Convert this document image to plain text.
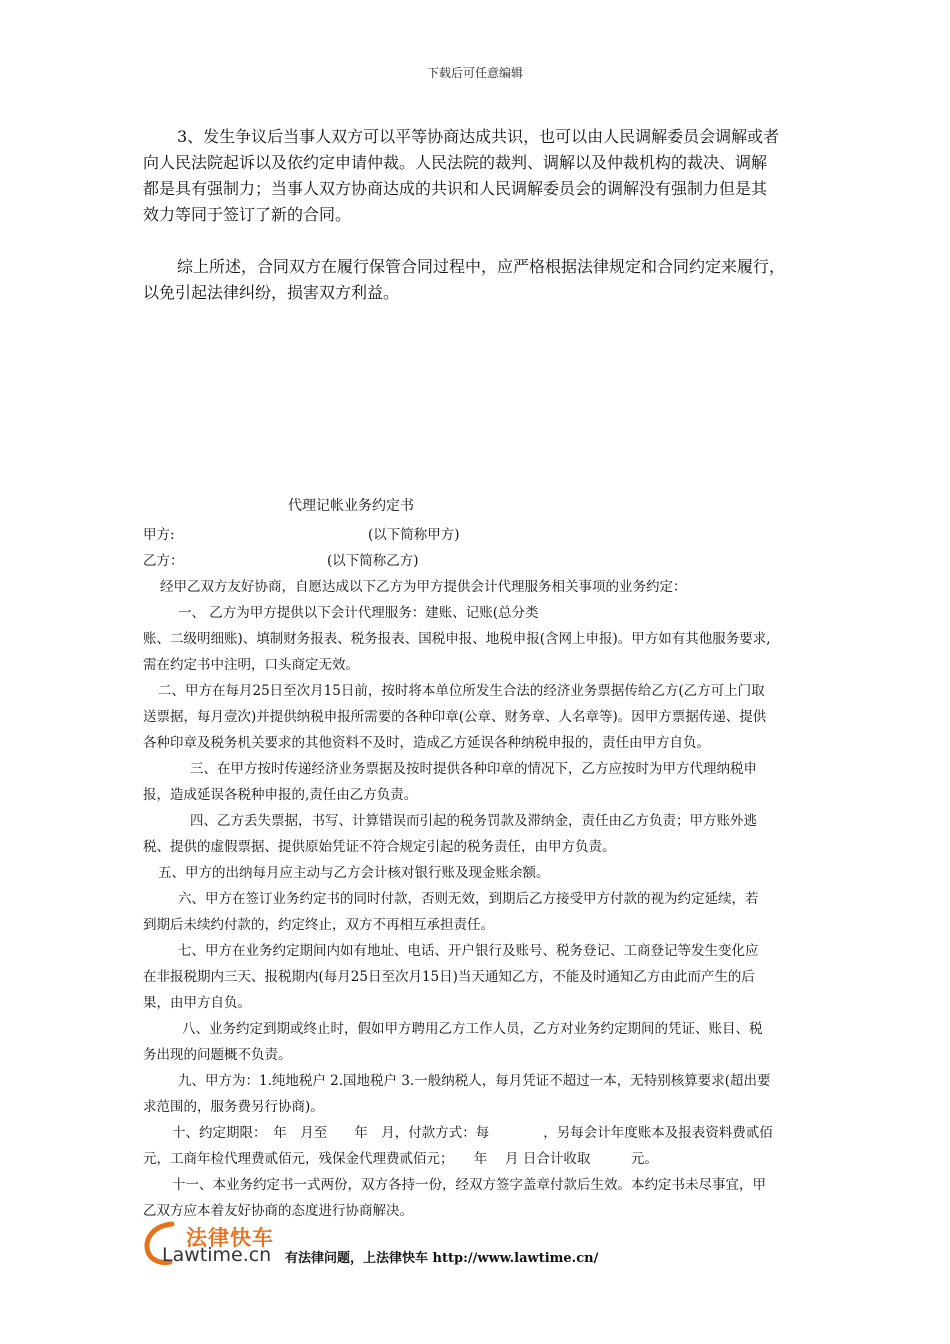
下载后可任意编辑

3、发生争议后当事人双方可以平等协商达成共识，也可以由人民调解委员会调解或者

向人民法院起诉以及依约定申请仲裁。人民法院的裁判、调解以及仲裁机构的裁决、调解

都是具有强制力；当事人双方协商达成的共识和人民调解委员会的调解没有强制力但是其

效力等同于签订了新的合同。

综上所述，合同双方在履行保管合同过程中，应严格根据法律规定和合同约定来履行，

以免引起法律纠纷，损害双方利益。

代理记帐业务约定书

甲方:	(以下简称甲方)

乙方：	(以下简称乙方)

经甲乙双方友好协商，自愿达成以下乙方为甲方提供会计代理服务相关事项的业务约定：

一、 乙方为甲方提供以下会计代理服务：建账、记账(总分类

账、二级明细账)、填制财务报表、税务报表、国税申报、地税申报(含网上申报)。甲方如有其他服务要求,

需在约定书中注明，口头商定无效。

二、甲方在每月25日至次月15日前，按时将本单位所发生合法的经济业务票据传给乙方(乙方可上门取

送票据，每月壹次)并提供纳税申报所需要的各种印章(公章、财务章、人名章等)。因甲方票据传递、提供

各种印章及税务机关要求的其他资料不及时，造成乙方延误各种纳税申报的，责任由甲方自负。

三、在甲方按时传递经济业务票据及按时提供各种印章的情况下，乙方应按时为甲方代理纳税申

报，造成延误各税种申报的,责任由乙方负责。

四、乙方丢失票据，书写、计算错误而引起的税务罚款及滞纳金，责任由乙方负责；甲方账外逃

税、提供的虚假票据、提供原始凭证不符合规定引起的税务责任，由甲方负责。

五、甲方的出纳每月应主动与乙方会计核对银行账及现金账余额。

六、甲方在签订业务约定书的同时付款，否则无效，到期后乙方接受甲方付款的视为约定延续，若

到期后未续约付款的，约定终止，双方不再相互承担责任。

七、甲方在业务约定期间内如有地址、电话、开户银行及账号、税务登记、工商登记等发生变化应

在非报税期内三天、报税期内(每月25日至次月15日)当天通知乙方，不能及时通知乙方由此而产生的后

果，由甲方自负。

八、业务约定到期或终止时，假如甲方聘用乙方工作人员，乙方对业务约定期间的凭证、账目、税

务出现的问题概不负责。

九、甲方为：1.纯地税户 2.国地税户 3.一般纳税人，每月凭证不超过一本，无特别核算要求(超出要

求范围的，服务费另行协商)。

十、约定期限：　年　月至　　年　月，付款方式：每　　　　，另每会计年度账本及报表资料费贰佰

元，工商年检代理费贰佰元，残保金代理费贰佰元；　　年　 月 日合计收取　　　元。

十一、本业务约定书一式两份，双方各持一份，经双方签字盖章付款后生效。本约定书未尽事宜，甲

乙双方应本着友好协商的态度进行协商解决。

法律快车

Lawtime.cn 有法律问题，上法律快车 http://www.lawtime.cn/
